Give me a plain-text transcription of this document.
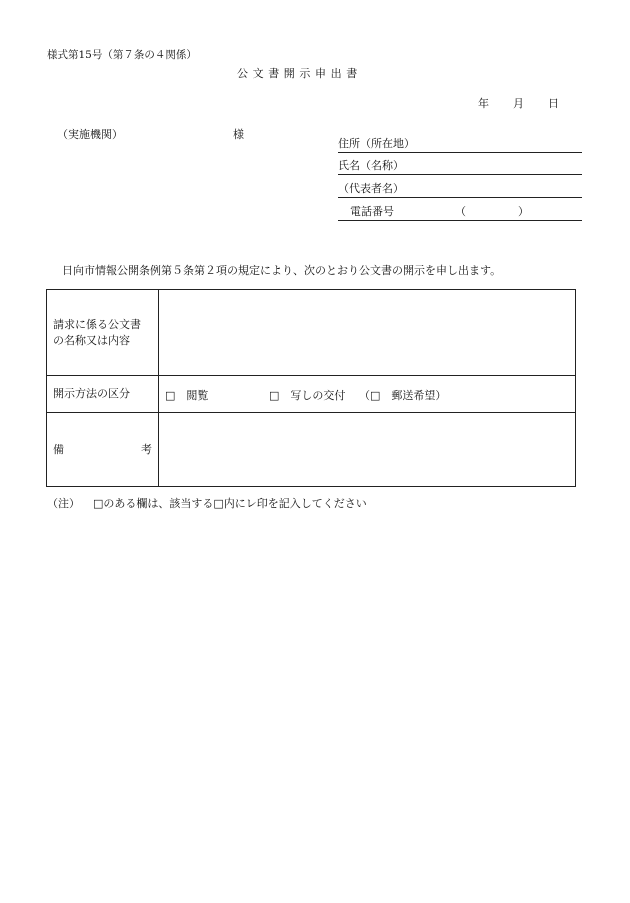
様式第15号（第７条の４関係）
公文書開示申出書
年 月 日
（実施機関）	様
住所（所在地）
氏名（名称）
（代表者名）
電話番号	（	）
日向市情報公開条例第５条第２項の規定により、次のとおり公文書の開示を申し出ます。
請求に係る公文書
の名称又は内容	

開示方法の区分	□　閲覧 □　写しの交付 （□　郵送希望）

備 考	

（注） □のある欄は、該当する□内にレ印を記入してください
